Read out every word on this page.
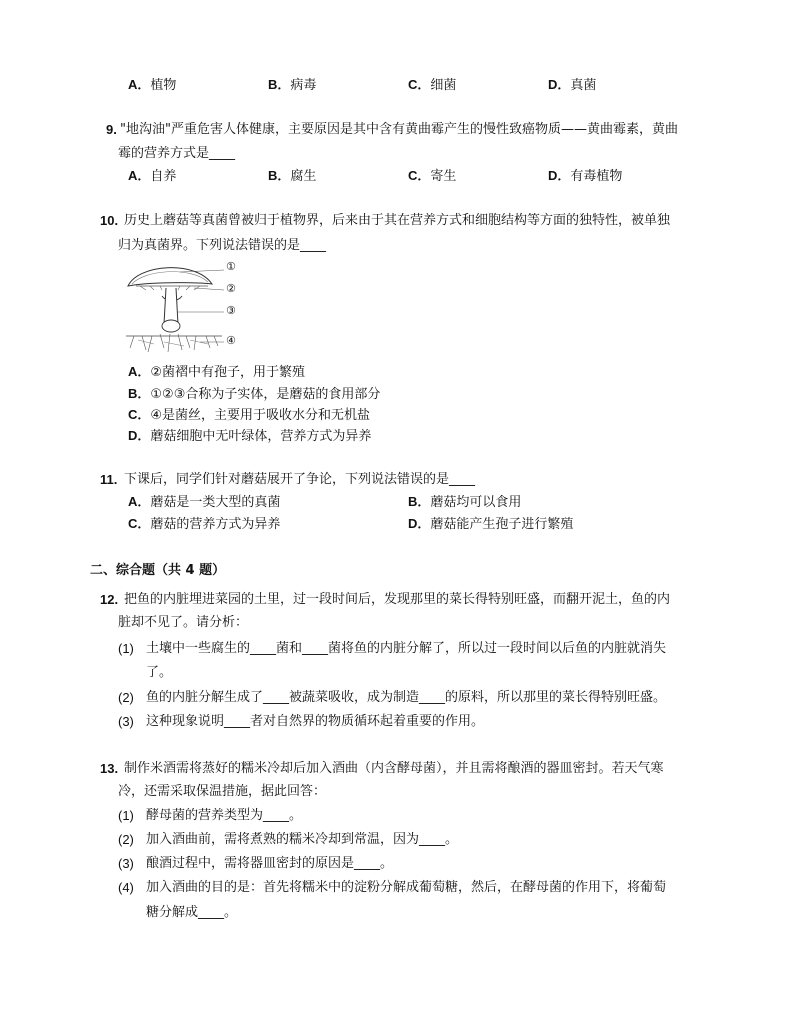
A．植物	B．病毒	C．细菌	D．真菌
9. "地沟油"严重危害人体健康，主要原因是其中含有黄曲霉产生的慢性致癌物质——黄曲霉素，黄曲
霉的营养方式是____
A．自养	B．腐生	C．寄生	D．有毒植物
10. 历史上蘑菇等真菌曾被归于植物界，后来由于其在营养方式和细胞结构等方面的独特性，被单独
归为真菌界。下列说法错误的是____
①
②
③
④
A．②菌褶中有孢子，用于繁殖
B．①②③合称为子实体，是蘑菇的食用部分
C．④是菌丝，主要用于吸收水分和无机盐
D．蘑菇细胞中无叶绿体，营养方式为异养
11. 下课后，同学们针对蘑菇展开了争论，下列说法错误的是____
A．蘑菇是一类大型的真菌	B．蘑菇均可以食用
C．蘑菇的营养方式为异养	D．蘑菇能产生孢子进行繁殖
二、综合题（共 4 题）
12. 把鱼的内脏埋进菜园的土里，过一段时间后，发现那里的菜长得特别旺盛，而翻开泥土，鱼的内
脏却不见了。请分析：
(1) 土壤中一些腐生的____菌和____菌将鱼的内脏分解了，所以过一段时间以后鱼的内脏就消失
了。
(2) 鱼的内脏分解生成了____被蔬菜吸收，成为制造____的原料，所以那里的菜长得特别旺盛。
(3) 这种现象说明____者对自然界的物质循环起着重要的作用。
13. 制作米酒需将蒸好的糯米冷却后加入酒曲（内含酵母菌），并且需将酿酒的器皿密封。若天气寒
冷，还需采取保温措施，据此回答：
(1) 酵母菌的营养类型为____。
(2) 加入酒曲前，需将煮熟的糯米冷却到常温，因为____。
(3) 酿酒过程中，需将器皿密封的原因是____。
(4) 加入酒曲的目的是：首先将糯米中的淀粉分解成葡萄糖，然后，在酵母菌的作用下，将葡萄
糖分解成____。
